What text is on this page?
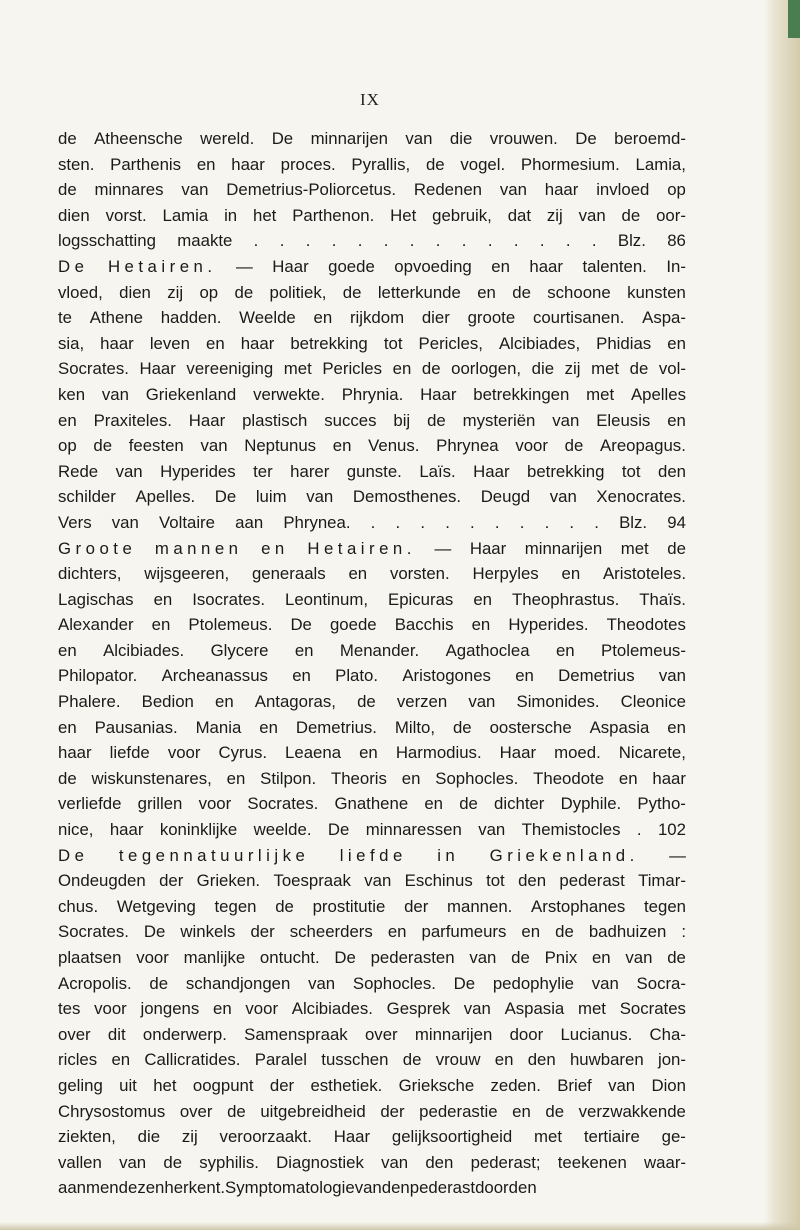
IX
de Atheensche wereld. De minnarijen van die vrouwen. De beroemd-
sten. Parthenis en haar proces. Pyrallis, de vogel. Phormesium. Lamia,
de minnares van Demetrius-Poliorcetus. Redenen van haar invloed op
dien vorst. Lamia in het Parthenon. Het gebruik, dat zij van de oor-
logsschatting maakte . . . . . . . . . . . . . . Blz. 86
De Hetairen. — Haar goede opvoeding en haar talenten. In-
vloed, dien zij op de politiek, de letterkunde en de schoone kunsten
te Athene hadden. Weelde en rijkdom dier groote courtisanen. Aspa-
sia, haar leven en haar betrekking tot Pericles, Alcibiades, Phidias en
Socrates. Haar vereeniging met Pericles en de oorlogen, die zij met de vol-
ken van Griekenland verwekte. Phrynia. Haar betrekkingen met Apelles
en Praxiteles. Haar plastisch succes bij de mysteriën van Eleusis en
op de feesten van Neptunus en Venus. Phrynea voor de Areopagus.
Rede van Hyperides ter harer gunste. Laïs. Haar betrekking tot den
schilder Apelles. De luim van Demosthenes. Deugd van Xenocrates.
Vers van Voltaire aan Phrynea. . . . . . . . . . . Blz. 94
Groote mannen en Hetairen. — Haar minnarijen met de
dichters, wijsgeeren, generaals en vorsten. Herpyles en Aristoteles.
Lagischas en Isocrates. Leontinum, Epicuras en Theophrastus. Thaïs.
Alexander en Ptolemeus. De goede Bacchis en Hyperides. Theodotes
en Alcibiades. Glycere en Menander. Agathoclea en Ptolemeus-
Philopator. Archeanassus en Plato. Aristogones en Demetrius van
Phalere. Bedion en Antagoras, de verzen van Simonides. Cleonice
en Pausanias. Mania en Demetrius. Milto, de oostersche Aspasia en
haar liefde voor Cyrus. Leaena en Harmodius. Haar moed. Nicarete,
de wiskunstenares, en Stilpon. Theoris en Sophocles. Theodote en haar
verliefde grillen voor Socrates. Gnathene en de dichter Dyphile. Pytho-
nice, haar koninklijke weelde. De minnaressen van Themistocles . 102
De tegennatuurlijke liefde in Griekenland. —
Ondeugden der Grieken. Toespraak van Eschinus tot den pederast Timar-
chus. Wetgeving tegen de prostitutie der mannen. Arstophanes tegen
Socrates. De winkels der scheerders en parfumeurs en de badhuizen :
plaatsen voor manlijke ontucht. De pederasten van de Pnix en van de
Acropolis. de schandjongen van Sophocles. De pedophylie van Socra-
tes voor jongens en voor Alcibiades. Gesprek van Aspasia met Socrates
over dit onderwerp. Samenspraak over minnarijen door Lucianus. Cha-
ricles en Callicratides. Paralel tusschen de vrouw en den huwbaren jon-
geling uit het oogpunt der esthetiek. Grieksche zeden. Brief van Dion
Chrysostomus over de uitgebreidheid der pederastie en de verzwakkende
ziekten, die zij veroorzaakt. Haar gelijksoortigheid met tertiaire ge-
vallen van de syphilis. Diagnostiek van den pederast; teekenen waar-
aan men dezen herkent. Symptomatologie van den pederast door den
